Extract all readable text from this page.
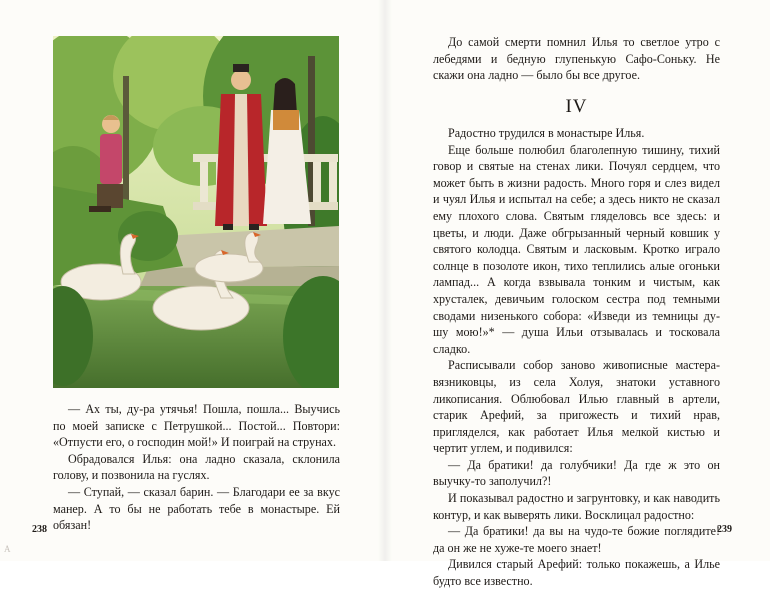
— Ах ты, ду-ра утячья! Пошла, пошла... Выучись по моей записке с Петрушкой... Постой... Повтори: «Отпусти его, о господин мой!» И поиграй на струнах.

Обрадовался Илья: она ладно сказала, склонила голову, и позвонила на гуслях.

— Ступай, — сказал барин. — Благодари ее за вкус манер. А то бы не работать тебе в монастыре. Ей обязан!

238

До самой смерти помнил Илья то светлое утро с лебедями и бедную глупенькую Сафо-Соньку. Не скажи она ладно — было бы все другое.

IV

Радостно трудился в монастыре Илья.

Еще больше полюбил благолепную тишину, тихий говор и святые на стенах лики. Почуял сердцем, что может быть в жизни радость. Много горя и слез видел и чуял Илья и испытал на себе; а здесь никто не сказал ему плохого слова. Святым гляделовсь все здесь: и цветы, и люди. Даже обгрызанный черный ковшик у святого колодца. Святым и ласковым. Кротко играло солнце в позолоте икон, тихо теплились алые огоньки лампад... А когда взвывала тонким и чистым, как хрусталек, девичьим голоском сестра под темными сводами низенького собора: «Изведи из темницы ду-шу мою!»* — душа Ильи отзывалась и тосковала сладко.

Расписывали собор заново живописные мастера-вязниковцы, из села Холуя, знатоки уставного ликописания. Облюбовал Илью главный в артели, старик Арефий, за пригожесть и тихий нрав, пригляделся, как работает Илья мелкой кистью и чертит углем, и подивился:

— Да братики! да голубчики! Да где ж это он выучку-то заполучил?!

И показывал радостно и загрунтовку, и как наводить контур, и как выверять лики. Восклицал радостно:

— Да братики! да вы на чудо-те божие поглядите! да он же не хуже-те моего знает!

Дивился старый Арефий: только покажешь, а Илье будто все известно.

239
A
